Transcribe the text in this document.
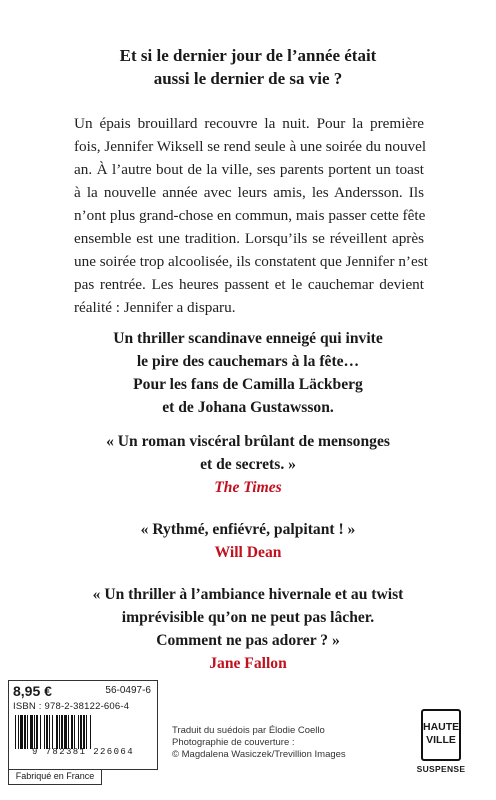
Et si le dernier jour de l’année était
aussi le dernier de sa vie ?
Un épais brouillard recouvre la nuit. Pour la première
fois, Jennifer Wiksell se rend seule à une soirée du nouvel
an. À l’autre bout de la ville, ses parents portent un toast
à la nouvelle année avec leurs amis, les Andersson. Ils
n’ont plus grand-chose en commun, mais passer cette fête
ensemble est une tradition. Lorsqu’ils se réveillent après
une soirée trop alcoolisée, ils constatent que Jennifer n’est
pas rentrée. Les heures passent et le cauchemar devient
réalité : Jennifer a disparu.
Un thriller scandinave enneigé qui invite
le pire des cauchemars à la fête…
Pour les fans de Camilla Läckberg
et de Johana Gustawsson.
« Un roman viscéral brûlant de mensonges
et de secrets. »
The Times
« Rythmé, enfiévré, palpitant ! »
Will Dean
« Un thriller à l’ambiance hivernale et au twist
imprévisible qu’on ne peut pas lâcher.
Comment ne pas adorer ? »
Jane Fallon
8,95 €	56-0497-6
ISBN : 978-2-38122-606-4
9 782381 226064
Fabriqué en France
Traduit du suédois par Élodie Coello
Photographie de couverture :
© Magdalena Wasiczek/Trevillion Images
HAUTE
VILLE
SUSPENSE
